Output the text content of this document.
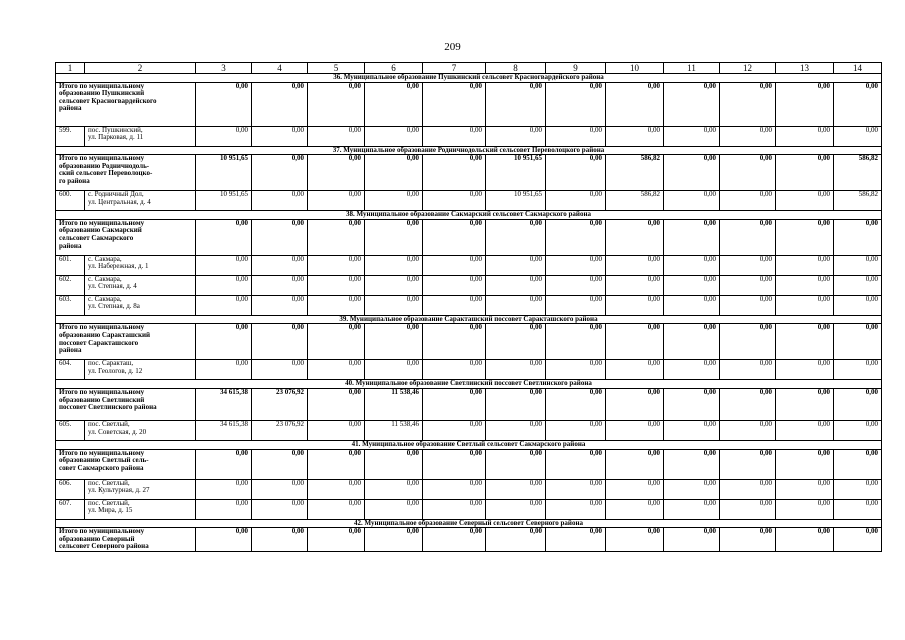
209
1	2	3	4	5	6	7	8	9	10	11	12	13	14
36. Муниципальное образование Пушкинский сельсовет Красногвардейского района													
Итого по муниципальному
образованию Пушкинский
сельсовет Красногвардейского
района		0,00	0,00	0,00	0,00	0,00	0,00	0,00	0,00	0,00	0,00	0,00	0,00
599.	пос. Пушкинский,
ул. Парковая, д. 11	0,00	0,00	0,00	0,00	0,00	0,00	0,00	0,00	0,00	0,00	0,00	0,00
37. Муниципальное образование Родничнодольский сельсовет Переволоцкого района													
Итого по муниципальному
образованию Родничнодоль-
ский сельсовет Переволоцко-
го района		10 951,65	0,00	0,00	0,00	0,00	10 951,65	0,00	586,82	0,00	0,00	0,00	586,82
600.	с. Родничный Дол,
ул. Центральная, д. 4	10 951,65	0,00	0,00	0,00	0,00	10 951,65	0,00	586,82	0,00	0,00	0,00	586,82
38. Муниципальное образование Сакмарский сельсовет Сакмарского района													
Итого по муниципальному
образованию Сакмарский
сельсовет Сакмарского
района		0,00	0,00	0,00	0,00	0,00	0,00	0,00	0,00	0,00	0,00	0,00	0,00
601.	с. Сакмара,
ул. Набережная, д. 1	0,00	0,00	0,00	0,00	0,00	0,00	0,00	0,00	0,00	0,00	0,00	0,00
602.	с. Сакмара,
ул. Степная, д. 4	0,00	0,00	0,00	0,00	0,00	0,00	0,00	0,00	0,00	0,00	0,00	0,00
603.	с. Сакмара,
ул. Степная, д. 8а	0,00	0,00	0,00	0,00	0,00	0,00	0,00	0,00	0,00	0,00	0,00	0,00
39. Муниципальное образование Саракташский поссовет Саракташского района													
Итого по муниципальному
образованию Саракташский
поссовет Саракташского
района		0,00	0,00	0,00	0,00	0,00	0,00	0,00	0,00	0,00	0,00	0,00	0,00
604.	пос. Саракташ,
ул. Геологов, д. 12	0,00	0,00	0,00	0,00	0,00	0,00	0,00	0,00	0,00	0,00	0,00	0,00
40. Муниципальное образование Светлинский поссовет Светлинского района													
Итого по муниципальному
образованию Светлинский
поссовет Светлинского района		34 615,38	23 076,92	0,00	11 538,46	0,00	0,00	0,00	0,00	0,00	0,00	0,00	0,00
605.	пос. Светлый,
ул. Советская, д. 20	34 615,38	23 076,92	0,00	11 538,46	0,00	0,00	0,00	0,00	0,00	0,00	0,00	0,00
41. Муниципальное образование Светлый сельсовет Сакмарского района													
Итого по муниципальному
образованию Светлый сель-
совет Сакмарского района		0,00	0,00	0,00	0,00	0,00	0,00	0,00	0,00	0,00	0,00	0,00	0,00
606.	пос. Светлый,
ул. Культурная, д. 27	0,00	0,00	0,00	0,00	0,00	0,00	0,00	0,00	0,00	0,00	0,00	0,00
607.	пос. Светлый,
ул. Мира, д. 15	0,00	0,00	0,00	0,00	0,00	0,00	0,00	0,00	0,00	0,00	0,00	0,00
42. Муниципальное образование Северный сельсовет Северного района													
Итого по муниципальному
образованию Северный
сельсовет Северного района		0,00	0,00	0,00	0,00	0,00	0,00	0,00	0,00	0,00	0,00	0,00	0,00
